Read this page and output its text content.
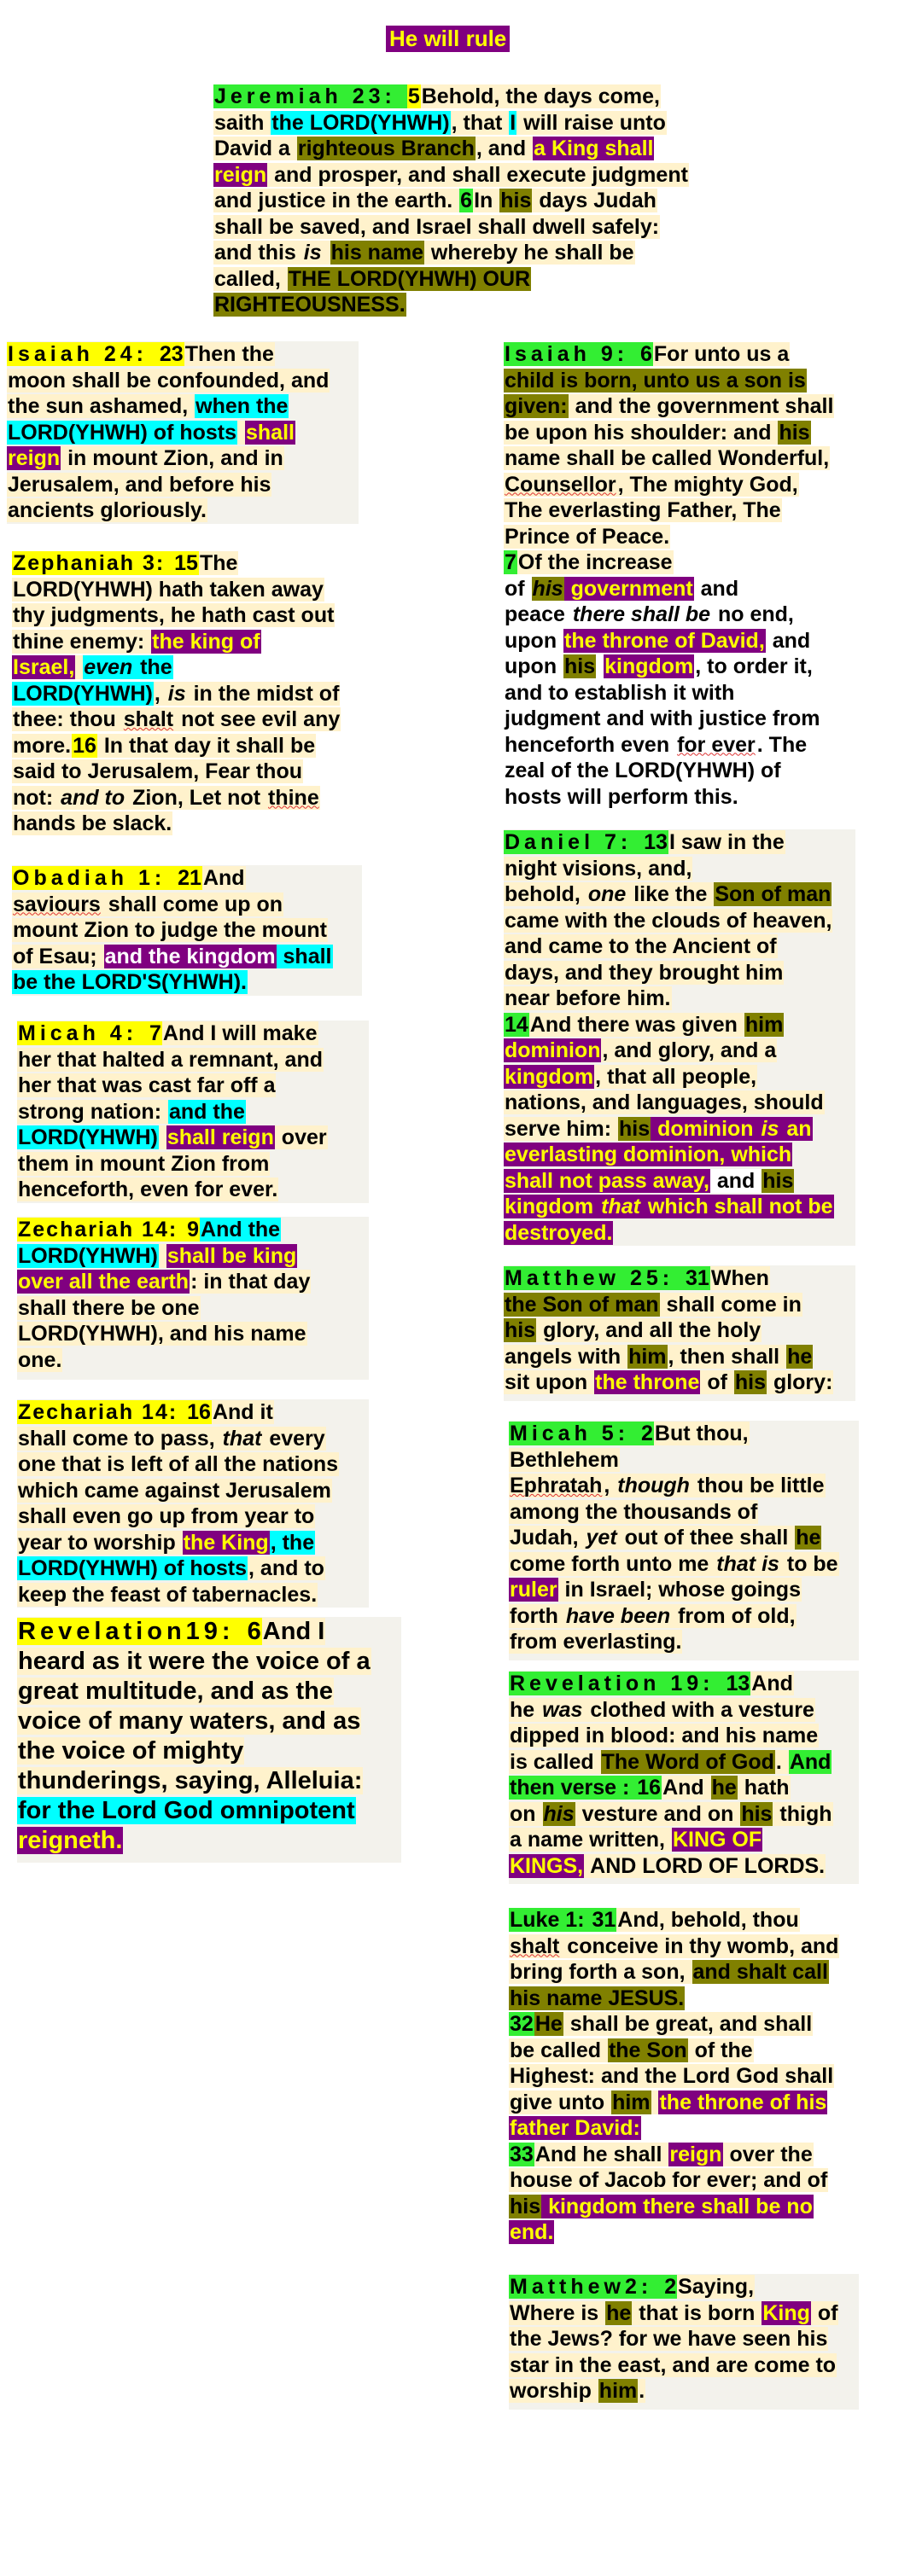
He will rule
Jeremiah 23: 5Behold, the days come,
saith the LORD(YHWH), that I will raise unto
David a righteous Branch, and a King shall
reign and prosper, and shall execute judgment
and justice in the earth. 6In his days Judah
shall be saved, and Israel shall dwell safely:
and this is his name whereby he shall be
called, THE LORD(YHWH) OUR
RIGHTEOUSNESS.
Isaiah 24: 23Then the
moon shall be confounded, and
the sun ashamed, when the
LORD(YHWH) of hosts shall
reign in mount Zion, and in
Jerusalem, and before his
ancients gloriously.
Zephaniah 3: 15The
LORD(YHWH) hath taken away
thy judgments, he hath cast out
thine enemy: the king of
Israel, even the
LORD(YHWH), is in the midst of
thee: thou shalt not see evil any
more.16 In that day it shall be
said to Jerusalem, Fear thou
not: and to Zion, Let not thine
hands be slack.
Obadiah 1: 21And
saviours shall come up on
mount Zion to judge the mount
of Esau; and the kingdom shall
be the LORD'S(YHWH).
Micah 4: 7And I will make
her that halted a remnant, and
her that was cast far off a
strong nation: and the
LORD(YHWH) shall reign over
them in mount Zion from
henceforth, even for ever.
Zechariah 14: 9And the
LORD(YHWH) shall be king
over all the earth: in that day
shall there be one
LORD(YHWH), and his name
one.
Zechariah 14: 16And it
shall come to pass, that every
one that is left of all the nations
which came against Jerusalem
shall even go up from year to
year to worship the King, the
LORD(YHWH) of hosts, and to
keep the feast of tabernacles.
Revelation19: 6And I
heard as it were the voice of a
great multitude, and as the
voice of many waters, and as
the voice of mighty
thunderings, saying, Alleluia:
for the Lord God omnipotent
reigneth.
Isaiah 9: 6For unto us a
child is born, unto us a son is
given: and the government shall
be upon his shoulder: and his
name shall be called Wonderful,
Counsellor, The mighty God,
The everlasting Father, The
Prince of Peace.
7Of the increase
of his government and
peace there shall be no end,
upon the throne of David, and
upon his kingdom, to order it,
and to establish it with
judgment and with justice from
henceforth even for ever. The
zeal of the LORD(YHWH) of
hosts will perform this.
Daniel 7: 13I saw in the
night visions, and,
behold, one like the Son of man
came with the clouds of heaven,
and came to the Ancient of
days, and they brought him
near before him.
14And there was given him
dominion, and glory, and a
kingdom, that all people,
nations, and languages, should
serve him: his dominion is an
everlasting dominion, which
shall not pass away, and his
kingdom that which shall not be
destroyed.
Matthew 25: 31When
the Son of man shall come in
his glory, and all the holy
angels with him, then shall he
sit upon the throne of his glory:
Micah 5: 2But thou,
Bethlehem
Ephratah, though thou be little
among the thousands of
Judah, yet out of thee shall he
come forth unto me that is to be
ruler in Israel; whose goings
forth have been from of old,
from everlasting.
Revelation 19: 13And
he was clothed with a vesture
dipped in blood: and his name
is called The Word of God. And
then verse : 16And he hath
on his vesture and on his thigh
a name written, KING OF
KINGS, AND LORD OF LORDS.
Luke 1: 31And, behold, thou
shalt conceive in thy womb, and
bring forth a son, and shalt call
his name JESUS.
32He shall be great, and shall
be called the Son of the
Highest: and the Lord God shall
give unto him the throne of his
father David:
33And he shall reign over the
house of Jacob for ever; and of
his kingdom there shall be no
end.
Matthew2: 2Saying,
Where is he that is born King of
the Jews? for we have seen his
star in the east, and are come to
worship him.
